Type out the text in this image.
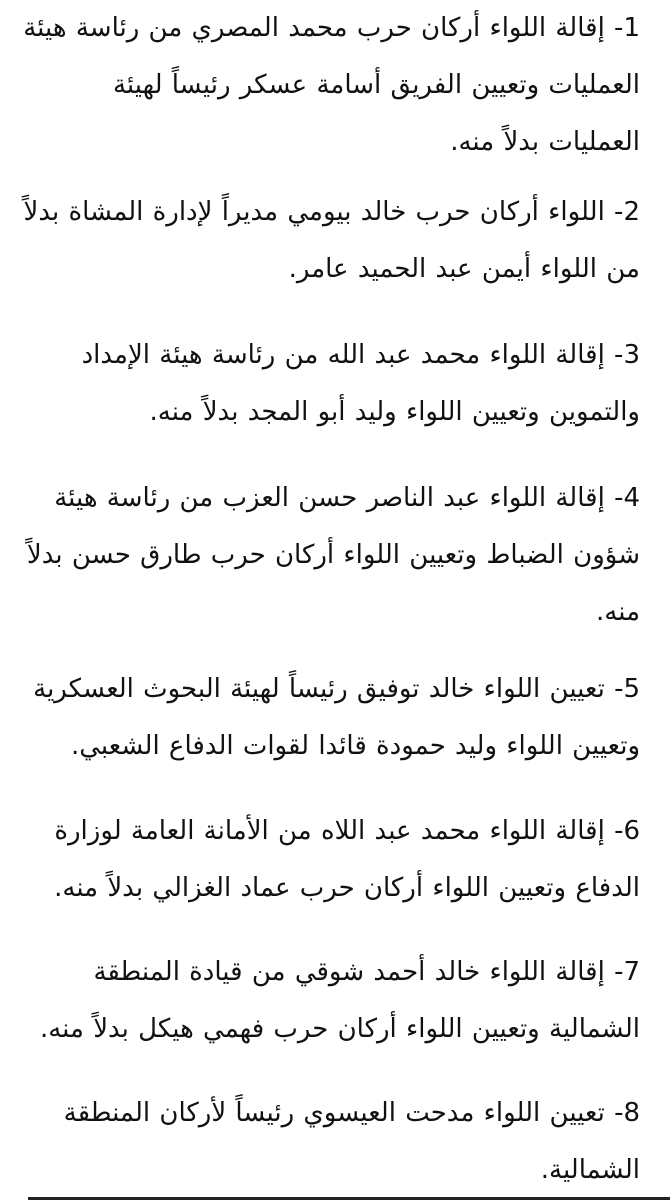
1- إقالة اللواء أركان حرب محمد المصري من رئاسة هيئة العمليات وتعيين الفريق أسامة عسكر رئيساً لهيئة العمليات بدلاً منه.

2- اللواء أركان حرب خالد بيومي مديراً لإدارة المشاة بدلاً من اللواء أيمن عبد الحميد عامر.

3- إقالة اللواء محمد عبد الله من رئاسة هيئة الإمداد والتموين وتعيين اللواء وليد أبو المجد بدلاً منه.

4- إقالة اللواء عبد الناصر حسن العزب من رئاسة هيئة شؤون الضباط وتعيين اللواء أركان حرب طارق حسن بدلاً منه.

5- تعيين اللواء خالد توفيق رئيساً لهيئة البحوث العسكرية وتعيين اللواء وليد حمودة قائدا لقوات الدفاع الشعبي.

6- إقالة اللواء محمد عبد اللاه من الأمانة العامة لوزارة الدفاع وتعيين اللواء أركان حرب عماد الغزالي بدلاً منه.

7- إقالة اللواء خالد أحمد شوقي من قيادة المنطقة الشمالية وتعيين اللواء أركان حرب فهمي هيكل بدلاً منه.

8- تعيين اللواء مدحت العيسوي رئيساً لأركان المنطقة الشمالية.
